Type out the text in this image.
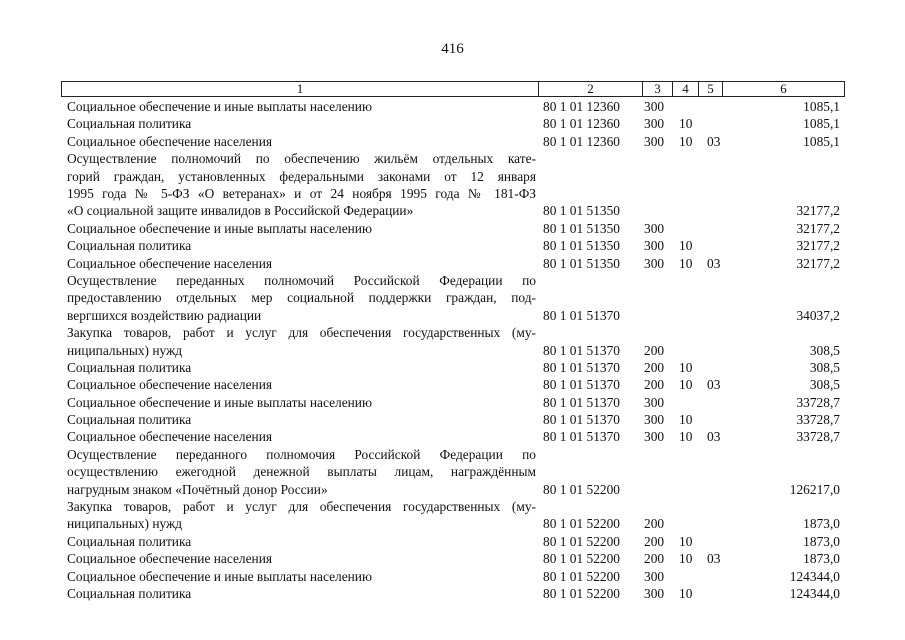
416
1	2	3	4	5	6
Социальное обеспечение и иные выплаты населению	80 1 01 12360 300	1085,1
Социальная политика	80 1 01 12360 300 10	1085,1
Социальное обеспечение населения	80 1 01 12360 300 10 03	1085,1
Осуществление полномочий по обеспечению жильём отдельных кате-
горий граждан, установленных федеральными законами от 12 января
1995 года № 5-ФЗ «О ветеранах» и от 24 ноября 1995 года № 181-ФЗ
«О социальной защите инвалидов в Российской Федерации»	80 1 01 51350	32177,2
Социальное обеспечение и иные выплаты населению	80 1 01 51350 300	32177,2
Социальная политика	80 1 01 51350 300 10	32177,2
Социальное обеспечение населения	80 1 01 51350 300 10 03	32177,2
Осуществление переданных полномочий Российской Федерации по
предоставлению отдельных мер социальной поддержки граждан, под-
вергшихся воздействию радиации	80 1 01 51370	34037,2
Закупка товаров, работ и услуг для обеспечения государственных (му-
ниципальных) нужд	80 1 01 51370 200	308,5
Социальная политика	80 1 01 51370 200 10	308,5
Социальное обеспечение населения	80 1 01 51370 200 10 03	308,5
Социальное обеспечение и иные выплаты населению	80 1 01 51370 300	33728,7
Социальная политика	80 1 01 51370 300 10	33728,7
Социальное обеспечение населения	80 1 01 51370 300 10 03	33728,7
Осуществление переданного полномочия Российской Федерации по
осуществлению ежегодной денежной выплаты лицам, награждённым
нагрудным знаком «Почётный донор России»	80 1 01 52200	126217,0
Закупка товаров, работ и услуг для обеспечения государственных (му-
ниципальных) нужд	80 1 01 52200 200	1873,0
Социальная политика	80 1 01 52200 200 10	1873,0
Социальное обеспечение населения	80 1 01 52200 200 10 03	1873,0
Социальное обеспечение и иные выплаты населению	80 1 01 52200 300	124344,0
Социальная политика	80 1 01 52200 300 10	124344,0
